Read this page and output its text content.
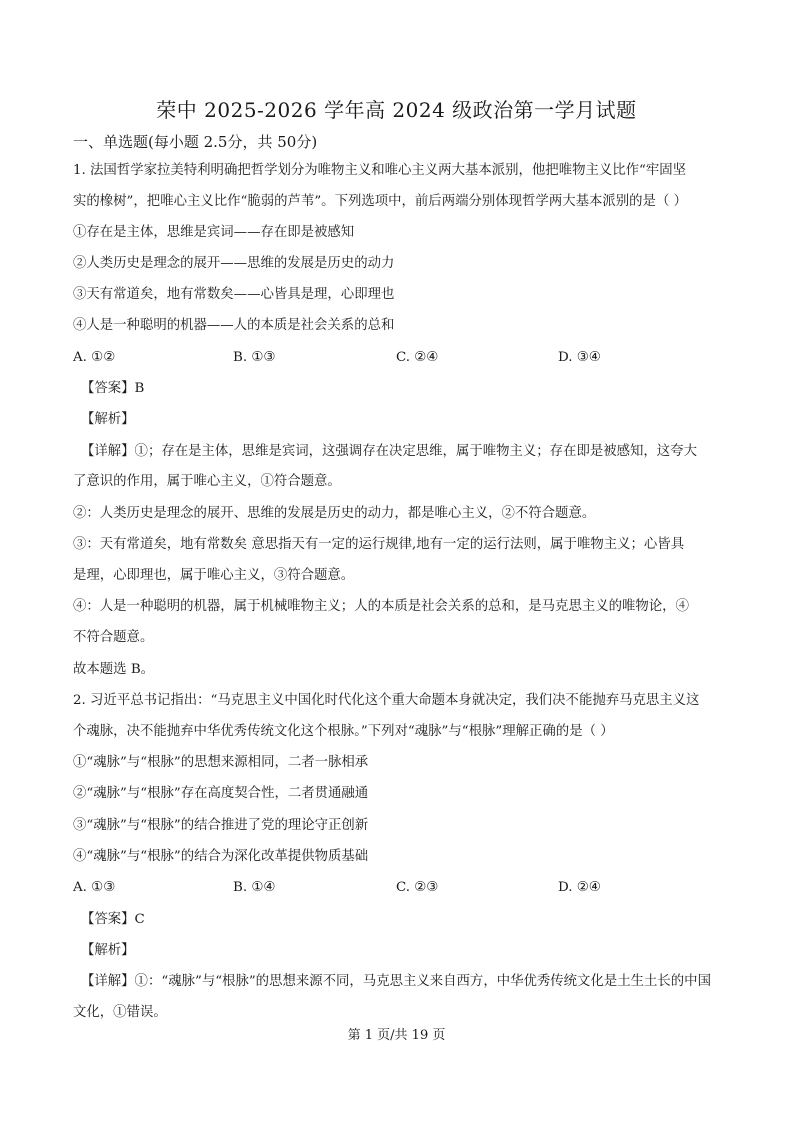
荣中 2025-2026 学年高 2024 级政治第一学月试题
一、单选题(每小题 2.5分，共 50分)
1. 法国哲学家拉美特利明确把哲学划分为唯物主义和唯心主义两大基本派别，他把唯物主义比作“牢固坚
实的橡树”，把唯心主义比作“脆弱的芦苇”。下列选项中，前后两端分别体现哲学两大基本派别的是（ ）
①存在是主体，思维是宾词——存在即是被感知
②人类历史是理念的展开——思维的发展是历史的动力
③天有常道矣，地有常数矣——心皆具是理，心即理也
④人是一种聪明的机器——人的本质是社会关系的总和
A. ①②	B. ①③	C. ②④	D. ③④
【答案】B
【解析】
【详解】①；存在是主体，思维是宾词，这强调存在决定思维，属于唯物主义；存在即是被感知，这夸大
了意识的作用，属于唯心主义，①符合题意。
②：人类历史是理念的展开、思维的发展是历史的动力，都是唯心主义，②不符合题意。
③：天有常道矣，地有常数矣 意思指天有一定的运行规律,地有一定的运行法则，属于唯物主义；心皆具
是理，心即理也，属于唯心主义，③符合题意。
④：人是一种聪明的机器，属于机械唯物主义；人的本质是社会关系的总和，是马克思主义的唯物论，④
不符合题意。
故本题选 B。
2. 习近平总书记指出：“马克思主义中国化时代化这个重大命题本身就决定，我们决不能抛弃马克思主义这
个魂脉，决不能抛弃中华优秀传统文化这个根脉。”下列对“魂脉”与“根脉”理解正确的是（ ）
①“魂脉”与“根脉”的思想来源相同，二者一脉相承
②“魂脉”与“根脉”存在高度契合性，二者贯通融通
③“魂脉”与“根脉”的结合推进了党的理论守正创新
④“魂脉”与“根脉”的结合为深化改革提供物质基础
A. ①③	B. ①④	C. ②③	D. ②④
【答案】C
【解析】
【详解】①：“魂脉”与“根脉”的思想来源不同，马克思主义来自西方，中华优秀传统文化是土生土长的中国
文化，①错误。
第 1 页/共 19 页
